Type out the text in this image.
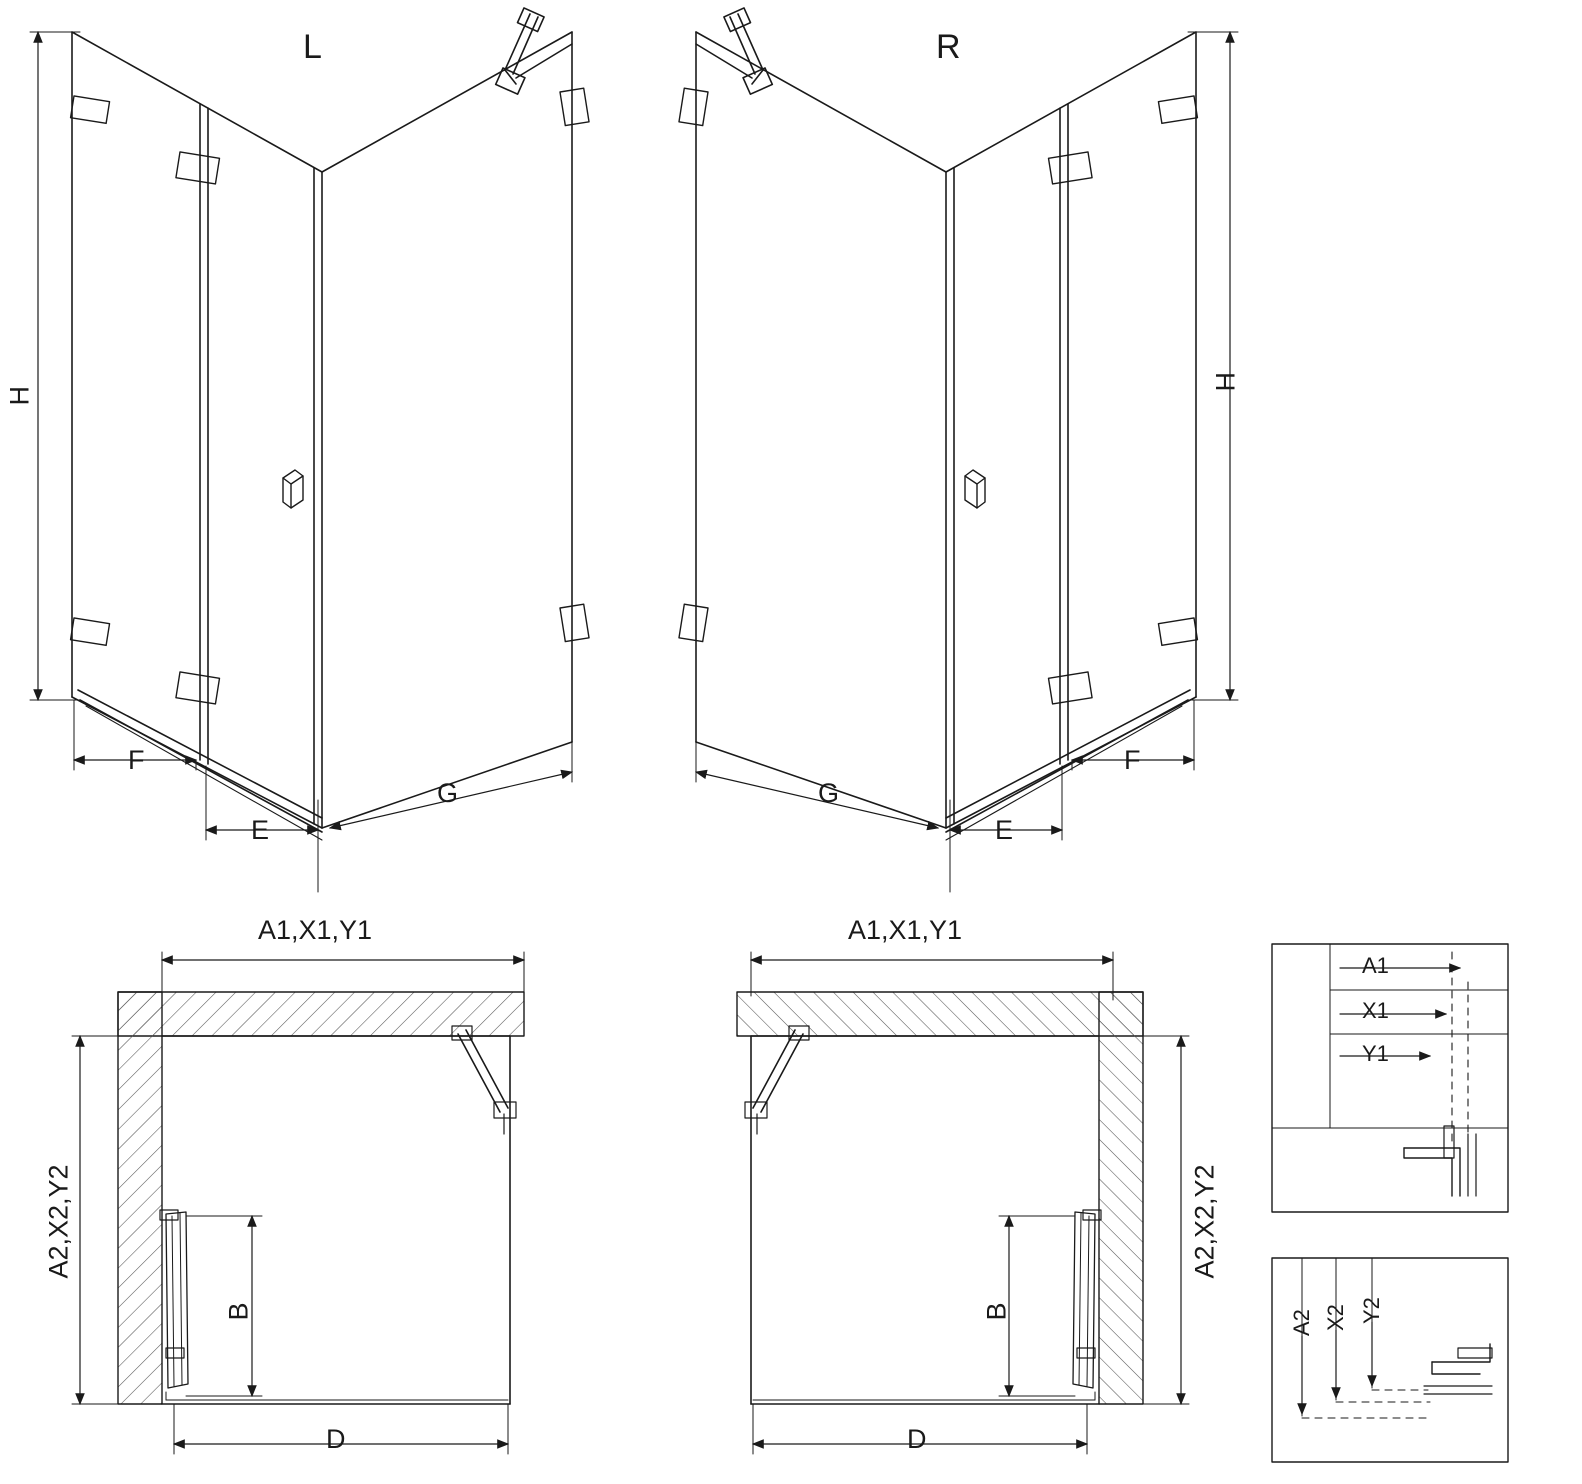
L	R
H
F
E
G
H
F
E
G
A1,X1,Y1
A2,X2,Y2
B
D
A1,X1,Y1
A2,X2,Y2
B
D
A1
X1
Y1
A2 X2 Y2
